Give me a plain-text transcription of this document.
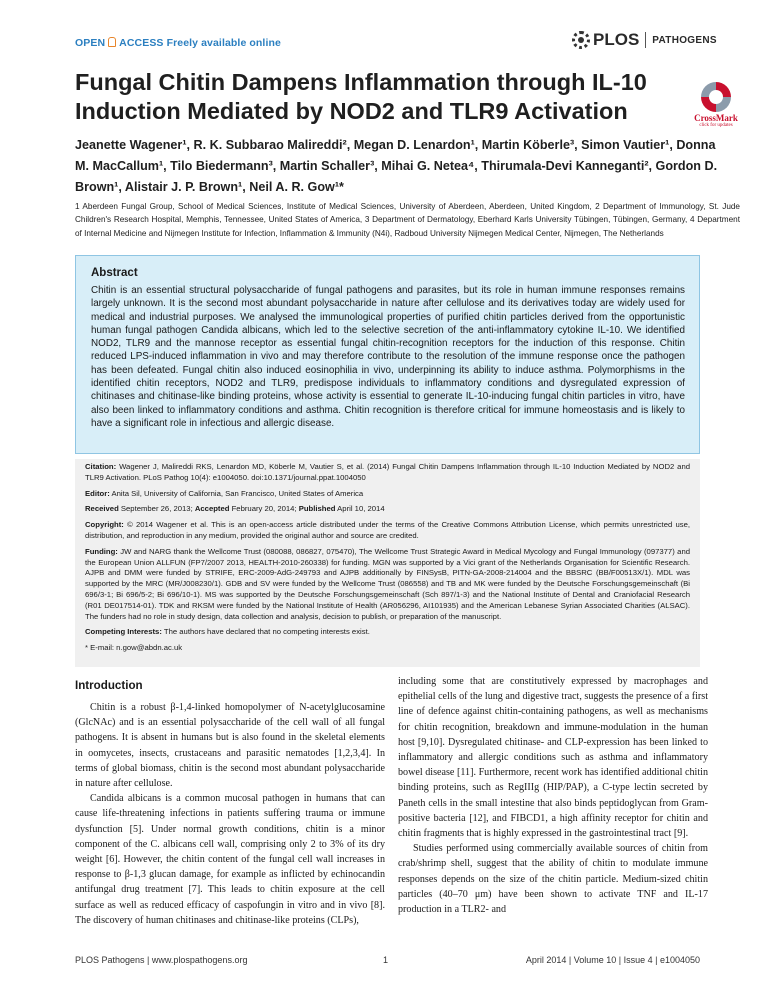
OPEN ACCESS Freely available online	PLOS PATHOGENS
Fungal Chitin Dampens Inflammation through IL-10 Induction Mediated by NOD2 and TLR9 Activation	CrossMark
click for updates
Jeanette Wagener¹, R. K. Subbarao Malireddi², Megan D. Lenardon¹, Martin Köberle³, Simon Vautier¹, Donna M. MacCallum¹, Tilo Biedermann³, Martin Schaller³, Mihai G. Netea⁴, Thirumala-Devi Kanneganti², Gordon D. Brown¹, Alistair J. P. Brown¹, Neil A. R. Gow¹*
1 Aberdeen Fungal Group, School of Medical Sciences, Institute of Medical Sciences, University of Aberdeen, Aberdeen, United Kingdom, 2 Department of Immunology, St. Jude Children's Research Hospital, Memphis, Tennessee, United States of America, 3 Department of Dermatology, Eberhard Karls University Tübingen, Tübingen, Germany, 4 Department of Internal Medicine and Nijmegen Institute for Infection, Inflammation & Immunity (N4i), Radboud University Nijmegen Medical Center, Nijmegen, The Netherlands
Abstract
Chitin is an essential structural polysaccharide of fungal pathogens and parasites, but its role in human immune responses remains largely unknown. It is the second most abundant polysaccharide in nature after cellulose and its derivatives today are widely used for medical and industrial purposes. We analysed the immunological properties of purified chitin particles derived from the opportunistic human fungal pathogen Candida albicans, which led to the selective secretion of the anti-inflammatory cytokine IL-10. We identified NOD2, TLR9 and the mannose receptor as essential fungal chitin-recognition receptors for the induction of this response. Chitin reduced LPS-induced inflammation in vivo and may therefore contribute to the resolution of the immune response once the pathogen has been defeated. Fungal chitin also induced eosinophilia in vivo, underpinning its ability to induce asthma. Polymorphisms in the identified chitin receptors, NOD2 and TLR9, predispose individuals to inflammatory conditions and dysregulated expression of chitinases and chitinase-like binding proteins, whose activity is essential to generate IL-10-inducing fungal chitin particles in vitro, have also been linked to inflammatory conditions and asthma. Chitin recognition is therefore critical for immune homeostasis and is likely to have a significant role in infectious and allergic disease.

Citation: Wagener J, Malireddi RKS, Lenardon MD, Köberle M, Vautier S, et al. (2014) Fungal Chitin Dampens Inflammation through IL-10 Induction Mediated by NOD2 and TLR9 Activation. PLoS Pathog 10(4): e1004050. doi:10.1371/journal.ppat.1004050

Editor: Anita Sil, University of California, San Francisco, United States of America

Received September 26, 2013; Accepted February 20, 2014; Published April 10, 2014

Copyright: © 2014 Wagener et al. This is an open-access article distributed under the terms of the Creative Commons Attribution License, which permits unrestricted use, distribution, and reproduction in any medium, provided the original author and source are credited.

Funding: JW and NARG thank the Wellcome Trust (080088, 086827, 075470), The Wellcome Trust Strategic Award in Medical Mycology and Fungal Immunology (097377) and the European Union ALLFUN (FP7/2007 2013, HEALTH-2010-260338) for funding. MGN was supported by a Vici grant of the Netherlands Organisation for Scientific Research. AJPB and DMM were funded by STRIFE, ERC-2009-AdG-249793 and AJPB additionally by FINSysB, PITN-GA-2008-214004 and the BBSRC (BB/F00513X/1). MDL was supported by the MRC (MR/J008230/1). GDB and SV were funded by the Wellcome Trust (086558) and TB and MK were funded by the Deutsche Forschungsgemeinschaft (Bi 696/3-1; Bi 696/5-2; Bi 696/10-1). MS was supported by the Deutsche Forschungsgemeinschaft (Sch 897/1-3) and the National Institute of Dental and Craniofacial Research (R01 DE017514-01). TDK and RKSM were funded by the National Institute of Health (AR056296, AI101935) and the American Lebanese Syrian Associated Charities (ALSAC). The funders had no role in study design, data collection and analysis, decision to publish, or preparation of the manuscript.

Competing Interests: The authors have declared that no competing interests exist.

* E-mail: n.gow@abdn.ac.uk

Introduction

Chitin is a robust β-1,4-linked homopolymer of N-acetylglucosamine (GlcNAc) and is an essential polysaccharide of the cell wall of all fungal pathogens. It is absent in humans but is also found in the skeletal elements in oomycetes, insects, crustaceans and parasitic nematodes [1,2,3,4]. In terms of global biomass, chitin is the second most abundant polysaccharide in nature after cellulose.

Candida albicans is a common mucosal pathogen in humans that can cause life-threatening infections in patients suffering trauma or immune dysfunction [5]. Under normal growth conditions, chitin is a minor component of the C. albicans cell wall, comprising only 2 to 3% of its dry weight [6]. However, the chitin content of the fungal cell wall increases in response to β-1,3 glucan damage, for example as inflicted by echinocandin antifungal drug treatment [7]. This leads to chitin exposure at the cell surface as well as reduced efficacy of caspofungin in vitro and in vivo [8]. The discovery of human chitinases and chitinase-like proteins (CLPs),

including some that are constitutively expressed by macrophages and epithelial cells of the lung and digestive tract, suggests the presence of a first line of defence against chitin-containing pathogens, as well as mechanisms for chitin recognition, breakdown and immune-modulation in the human host [9,10]. Dysregulated chitinase- and CLP-expression has been linked to inflammatory and allergic conditions such as asthma and inflammatory bowel disease [11]. Furthermore, recent work has identified additional chitin binding proteins, such as RegIIIg (HIP/PAP), a C-type lectin secreted by Paneth cells in the small intestine that also binds peptidoglycan from Gram-positive bacteria [12], and FIBCD1, a high affinity receptor for chitin and chitin fragments that is highly expressed in the gastrointestinal tract [9].

Studies performed using commercially available sources of chitin from crab/shrimp shell, suggest that the ability of chitin to modulate immune responses depends on the size of the chitin particle. Medium-sized chitin particles (40–70 μm) have been shown to activate TNF and IL-17 production in a TLR2- and

PLOS Pathogens | www.plospathogens.org	1	April 2014 | Volume 10 | Issue 4 | e1004050
